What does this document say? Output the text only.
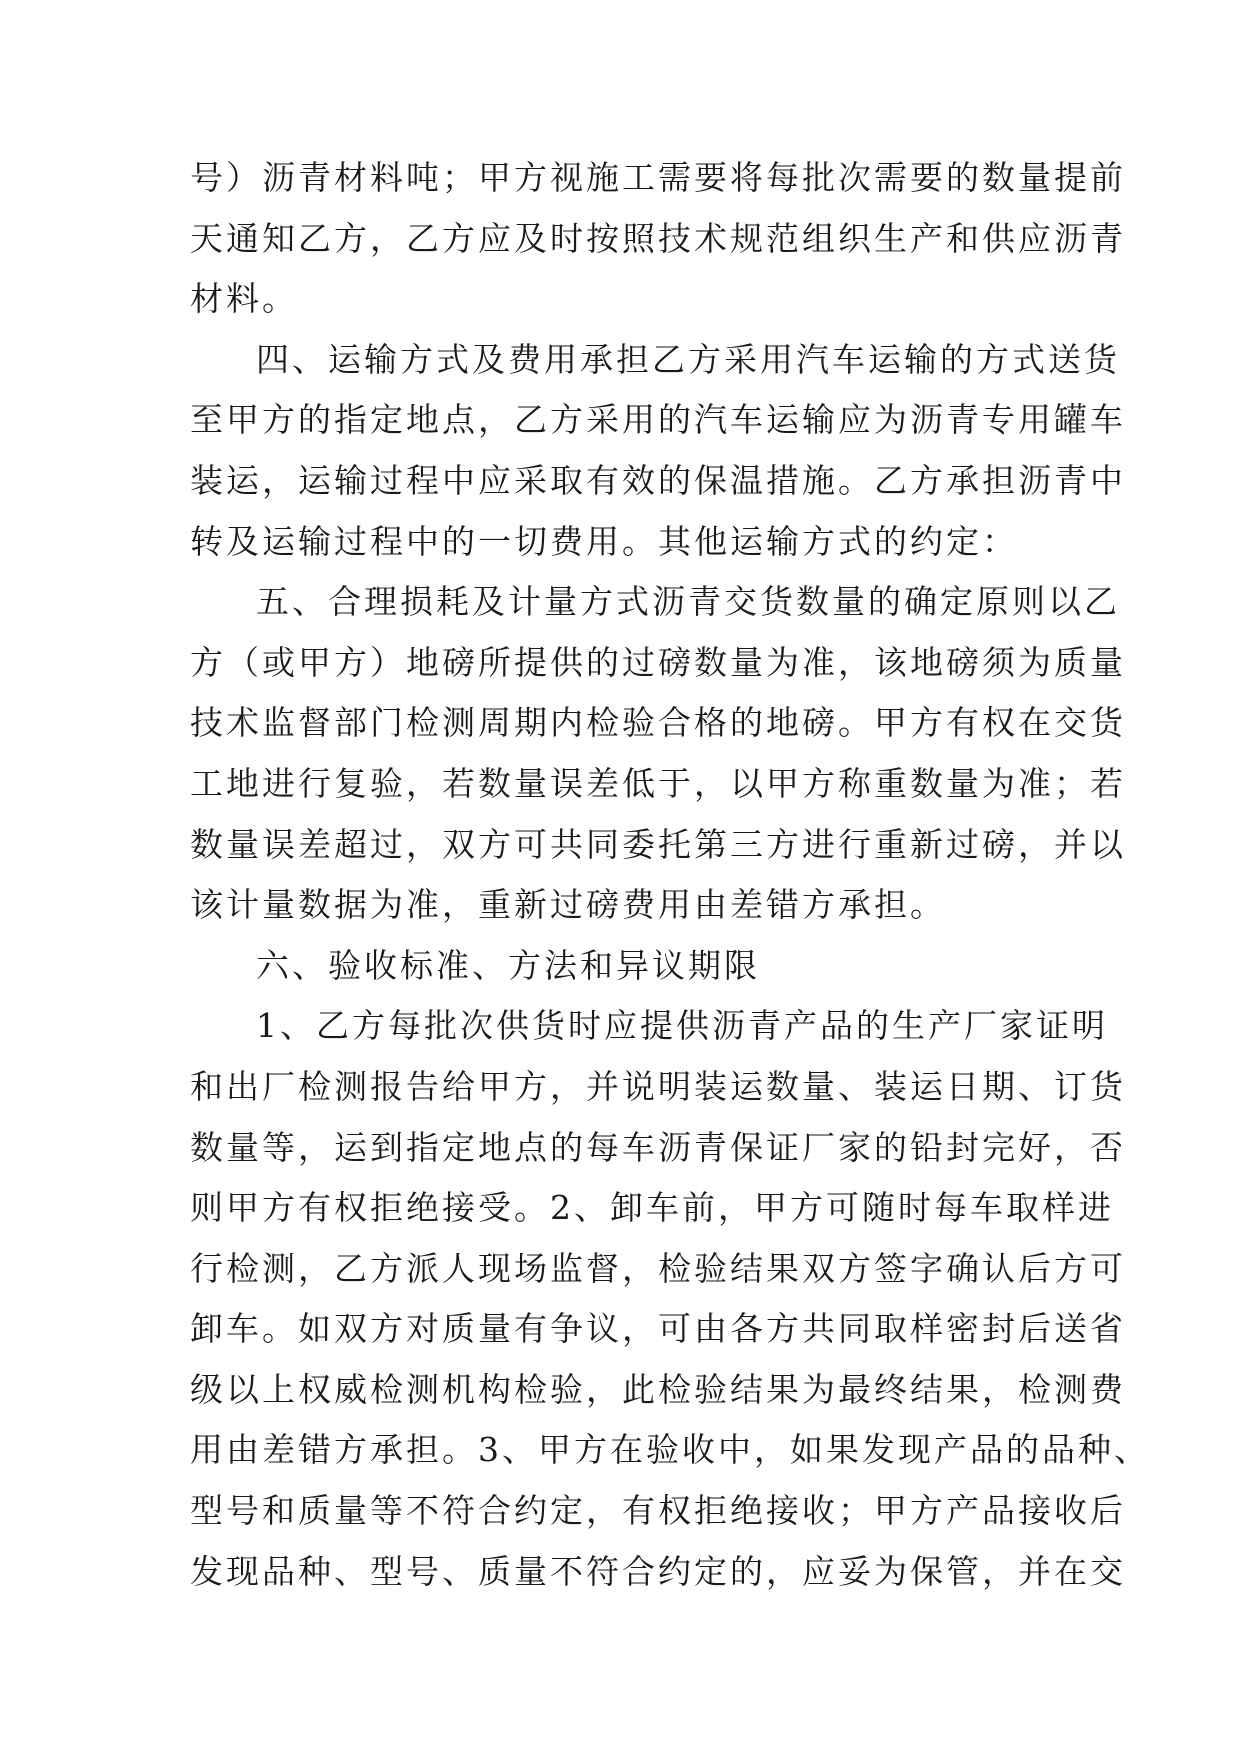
号）沥青材料吨；甲方视施工需要将每批次需要的数量提前
天通知乙方，乙方应及时按照技术规范组织生产和供应沥青
材料。
四、运输方式及费用承担乙方采用汽车运输的方式送货
至甲方的指定地点，乙方采用的汽车运输应为沥青专用罐车
装运，运输过程中应采取有效的保温措施。乙方承担沥青中
转及运输过程中的一切费用。其他运输方式的约定：
五、合理损耗及计量方式沥青交货数量的确定原则以乙
方（或甲方）地磅所提供的过磅数量为准，该地磅须为质量
技术监督部门检测周期内检验合格的地磅。甲方有权在交货
工地进行复验，若数量误差低于，以甲方称重数量为准；若
数量误差超过，双方可共同委托第三方进行重新过磅，并以
该计量数据为准，重新过磅费用由差错方承担。
六、验收标准、方法和异议期限
1、乙方每批次供货时应提供沥青产品的生产厂家证明
和出厂检测报告给甲方，并说明装运数量、装运日期、订货
数量等，运到指定地点的每车沥青保证厂家的铅封完好，否
则甲方有权拒绝接受。2、卸车前，甲方可随时每车取样进
行检测，乙方派人现场监督，检验结果双方签字确认后方可
卸车。如双方对质量有争议，可由各方共同取样密封后送省
级以上权威检测机构检验，此检验结果为最终结果，检测费
用由差错方承担。3、甲方在验收中，如果发现产品的品种、
型号和质量等不符合约定，有权拒绝接收；甲方产品接收后
发现品种、型号、质量不符合约定的，应妥为保管，并在交
